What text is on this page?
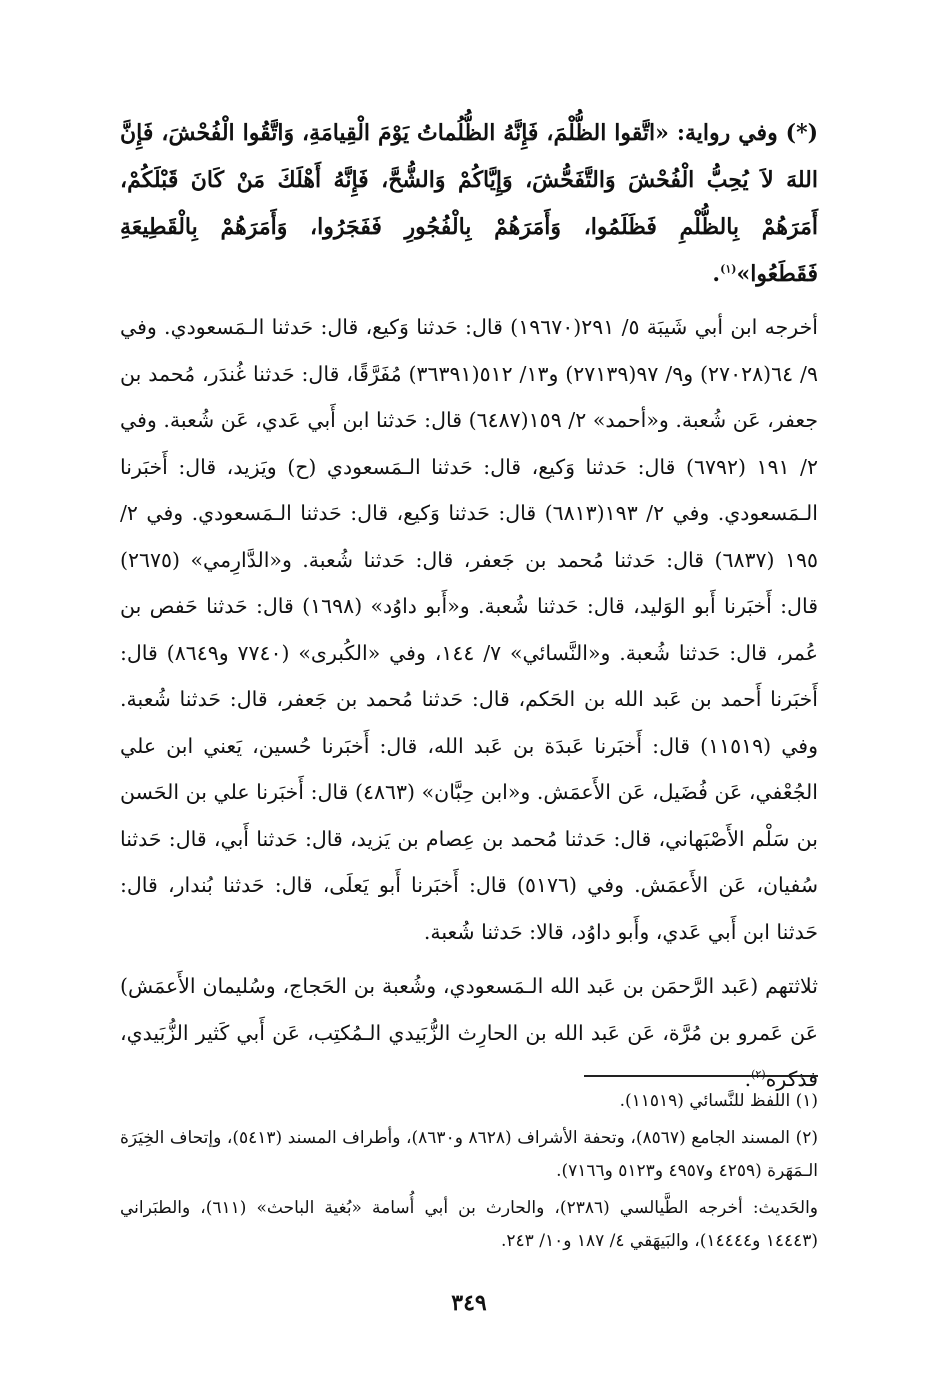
(*) وفي رواية: «اتَّقوا الظُّلْمَ، فَإِنَّهُ الظُّلُماتُ يَوْمَ الْقِيامَةِ، وَاتَّقُوا الْفُحْشَ، فَإِنَّ اللهَ لاَ يُحِبُّ الْفُحْشَ وَالتَّفَحُّشَ، وَإِيَّاكُمْ وَالشُّحَّ، فَإِنَّهُ أَهْلَكَ مَنْ كَانَ قَبْلَكُمْ، أَمَرَهُمْ بِالظُّلْمِ فَظَلَمُوا، وَأَمَرَهُمْ بِالْفُجُورِ فَفَجَرُوا، وَأَمَرَهُمْ بِالْقَطِيعَةِ فَقَطَعُوا»$^{(١)}$.

أخرجه ابن أبي شَيبَة ٥/ ٢٩١(١٩٦٧٠) قال: حَدثنا وَكيع، قال: حَدثنا الـمَسعودي. وفي ٩/ ٦٤(٢٧٠٢٨) و٩/ ٩٧(٢٧١٣٩) و١٣/ ٥١٢(٣٦٣٩١) مُفَرَّقًا، قال: حَدثنا غُندَر، مُحمد بن جعفر، عَن شُعبة. و«أحمد» ٢/ ١٥٩(٦٤٨٧) قال: حَدثنا ابن أَبي عَدي، عَن شُعبة. وفي ٢/ ١٩١ (٦٧٩٢) قال: حَدثنا وَكيع، قال: حَدثنا الـمَسعودي (ح) ويَزيد، قال: أَخبَرنا الـمَسعودي. وفي ٢/ ١٩٣(٦٨١٣) قال: حَدثنا وَكيع، قال: حَدثنا الـمَسعودي. وفي ٢/ ١٩٥ (٦٨٣٧) قال: حَدثنا مُحمد بن جَعفر، قال: حَدثنا شُعبة. و«الدَّارِمي» (٢٦٧٥) قال: أَخبَرنا أَبو الوَليد، قال: حَدثنا شُعبة. و«أَبو داوُد» (١٦٩٨) قال: حَدثنا حَفص بن عُمر، قال: حَدثنا شُعبة. و«النَّسائي» ٧/ ١٤٤، وفي «الكُبرى» (٧٧٤٠ و٨٦٤٩) قال: أَخبَرنا أَحمد بن عَبد الله بن الحَكم، قال: حَدثنا مُحمد بن جَعفر، قال: حَدثنا شُعبة. وفي (١١٥١٩) قال: أَخبَرنا عَبدَة بن عَبد الله، قال: أَخبَرنا حُسين، يَعني ابن علي الجُعْفي، عَن فُضَيل، عَن الأَعمَش. و«ابن حِبَّان» (٤٨٦٣) قال: أَخبَرنا علي بن الحَسن بن سَلْم الأَصْبَهاني، قال: حَدثنا مُحمد بن عِصام بن يَزيد، قال: حَدثنا أَبي، قال: حَدثنا سُفيان، عَن الأَعمَش. وفي (٥١٧٦) قال: أَخبَرنا أَبو يَعلَى، قال: حَدثنا بُندار، قال: حَدثنا ابن أَبي عَدي، وأَبو داوُد، قالا: حَدثنا شُعبة.

ثلاثتهم (عَبد الرَّحمَن بن عَبد الله الـمَسعودي، وشُعبة بن الحَجاج، وسُليمان الأَعمَش) عَن عَمرو بن مُرَّة، عَن عَبد الله بن الحارِث الزُّبَيدي الـمُكتِب، عَن أَبي كَثير الزُّبَيدي، فذكره$^{(٢)}$.

(١) اللفظ للنَّسائي (١١٥١٩).

(٢) المسند الجامع (٨٥٦٧)، وتحفة الأشراف (٨٦٢٨ و٨٦٣٠)، وأطراف المسند (٥٤١٣)، وإتحاف الخِيَرَة الـمَهَرة (٤٢٥٩ و٤٩٥٧ و٥١٢٣ و٧١٦٦).

والحَديث: أخرجه الطَّيالسي (٢٣٨٦)، والحارث بن أبي أُسامة «بُغية الباحث» (٦١١)، والطبَراني (١٤٤٤٣ و١٤٤٤٤)، والبَيهَقي ٤/ ١٨٧ و١٠/ ٢٤٣.

٣٤٩
